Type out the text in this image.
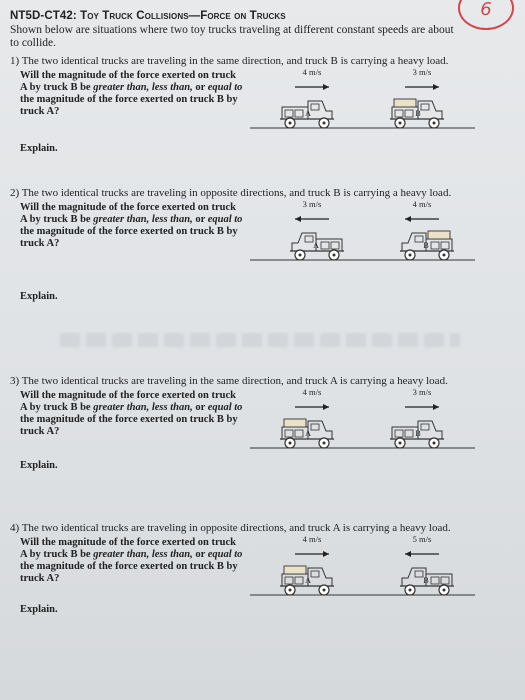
6
NT5D-CT42: Toy Truck Collisions—Force on Trucks
Shown below are situations where two toy trucks traveling at different constant speeds are about to collide.
1) The two identical trucks are traveling in the same direction, and truck B is carrying a heavy load.
Will the magnitude of the force exerted on truck A by truck B be greater than, less than, or equal to the magnitude of the force exerted on truck B by truck A?
Explain.
4 m/s	3 m/s
A	B
2) The two identical trucks are traveling in opposite directions, and truck B is carrying a heavy load.
Will the magnitude of the force exerted on truck A by truck B be greater than, less than, or equal to the magnitude of the force exerted on truck B by truck A?
Explain.
3 m/s	4 m/s
A	B
3) The two identical trucks are traveling in the same direction, and truck A is carrying a heavy load.
Will the magnitude of the force exerted on truck A by truck B be greater than, less than, or equal to the magnitude of the force exerted on truck B by truck A?
Explain.
4 m/s	3 m/s
A	B
4) The two identical trucks are traveling in opposite directions, and truck A is carrying a heavy load.
Will the magnitude of the force exerted on truck A by truck B be greater than, less than, or equal to the magnitude of the force exerted on truck B by truck A?
Explain.
4 m/s	5 m/s
A	B
